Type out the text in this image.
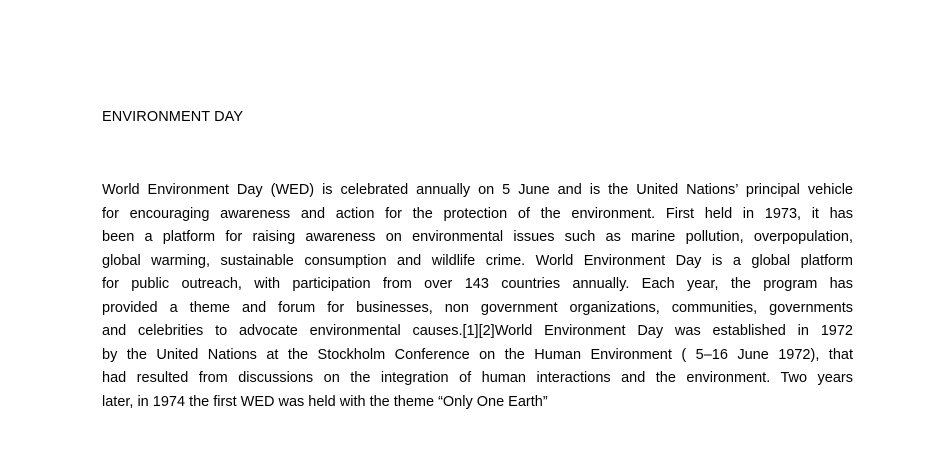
ENVIRONMENT DAY
World Environment Day (WED) is celebrated annually on 5 June and is the United Nations’ principal vehicle
for encouraging awareness and action for the protection of the environment. First held in 1973, it has
been a platform for raising awareness on environmental issues such as marine pollution, overpopulation,
global warming, sustainable consumption and wildlife crime. World Environment Day is a global platform
for public outreach, with participation from over 143 countries annually. Each year, the program has
provided a theme and forum for businesses, non government organizations, communities, governments
and celebrities to advocate environmental causes.[1][2]World Environment Day was established in 1972
by the United Nations at the Stockholm Conference on the Human Environment ( 5–16 June 1972), that
had resulted from discussions on the integration of human interactions and the environment. Two years
later, in 1974 the first WED was held with the theme “Only One Earth”
